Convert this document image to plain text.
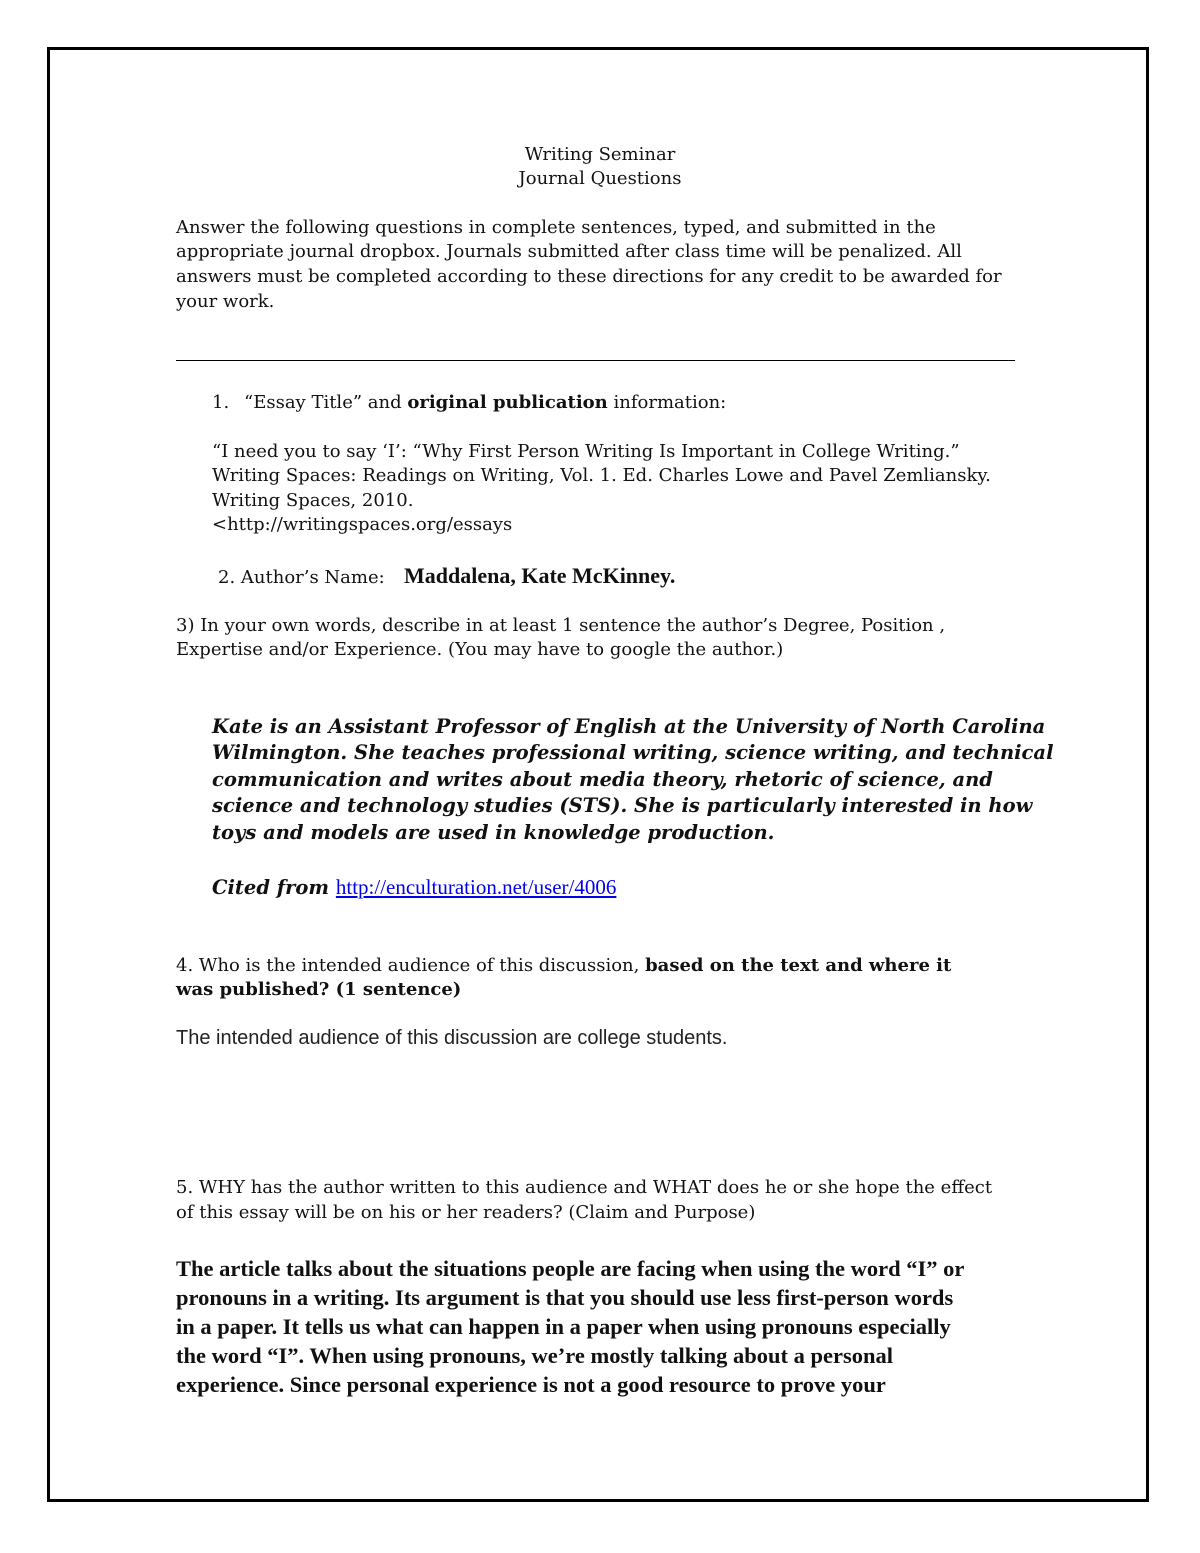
Writing Seminar

Journal Questions

Answer the following questions in complete sentences, typed, and submitted in the

appropriate journal dropbox. Journals submitted after class time will be penalized. All

answers must be completed according to these directions for any credit to be awarded for

your work.

1. “Essay Title” and original publication information:

“I need you to say ‘I’: “Why First Person Writing Is Important in College Writing.”

Writing Spaces: Readings on Writing, Vol. 1. Ed. Charles Lowe and Pavel Zemliansky.

Writing Spaces, 2010.

<http://writingspaces.org/essays

2. Author’s Name: Maddalena, Kate McKinney.

3) In your own words, describe in at least 1 sentence the author’s Degree, Position ,

Expertise and/or Experience. (You may have to google the author.)

Kate is an Assistant Professor of English at the University of North Carolina

Wilmington. She teaches professional writing, science writing, and technical

communication and writes about media theory, rhetoric of science, and

science and technology studies (STS). She is particularly interested in how

toys and models are used in knowledge production.

Cited from http://enculturation.net/user/4006

4. Who is the intended audience of this discussion, based on the text and where it

was published? (1 sentence)

The intended audience of this discussion are college students.

5. WHY has the author written to this audience and WHAT does he or she hope the effect

of this essay will be on his or her readers? (Claim and Purpose)

The article talks about the situations people are facing when using the word “I” or

pronouns in a writing. Its argument is that you should use less first-person words

in a paper. It tells us what can happen in a paper when using pronouns especially

the word “I”. When using pronouns, we’re mostly talking about a personal

experience. Since personal experience is not a good resource to prove your
